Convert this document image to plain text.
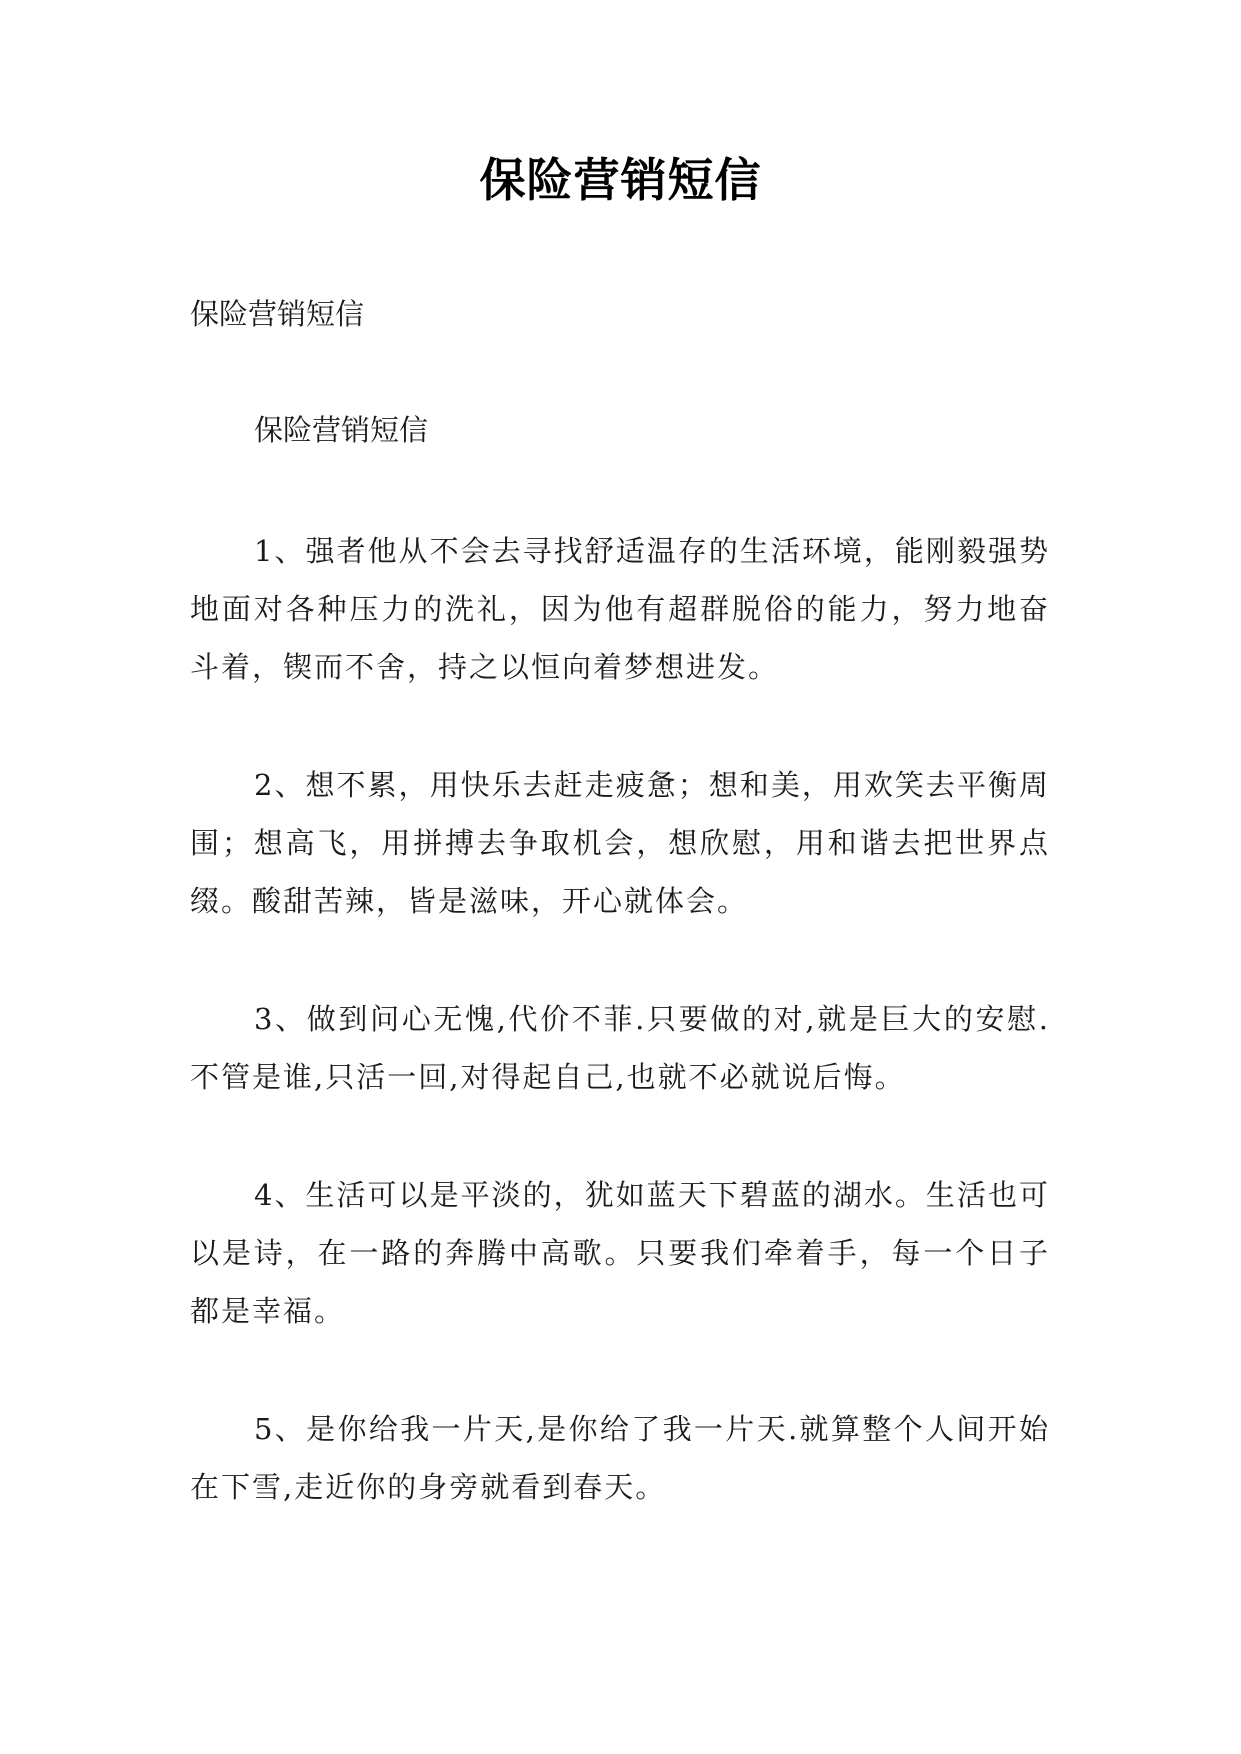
保险营销短信

保险营销短信

保险营销短信

1、强者他从不会去寻找舒适温存的生活环境，能刚毅强势地面对各种压力的洗礼，因为他有超群脱俗的能力，努力地奋斗着，锲而不舍，持之以恒向着梦想进发。

2、想不累，用快乐去赶走疲惫；想和美，用欢笑去平衡周围；想高飞，用拼搏去争取机会，想欣慰，用和谐去把世界点缀。酸甜苦辣，皆是滋味，开心就体会。

3、做到问心无愧,代价不菲.只要做的对,就是巨大的安慰.不管是谁,只活一回,对得起自己,也就不必就说后悔。

4、生活可以是平淡的，犹如蓝天下碧蓝的湖水。生活也可以是诗，在一路的奔腾中高歌。只要我们牵着手，每一个日子都是幸福。

5、是你给我一片天,是你给了我一片天.就算整个人间开始在下雪,走近你的身旁就看到春天。
